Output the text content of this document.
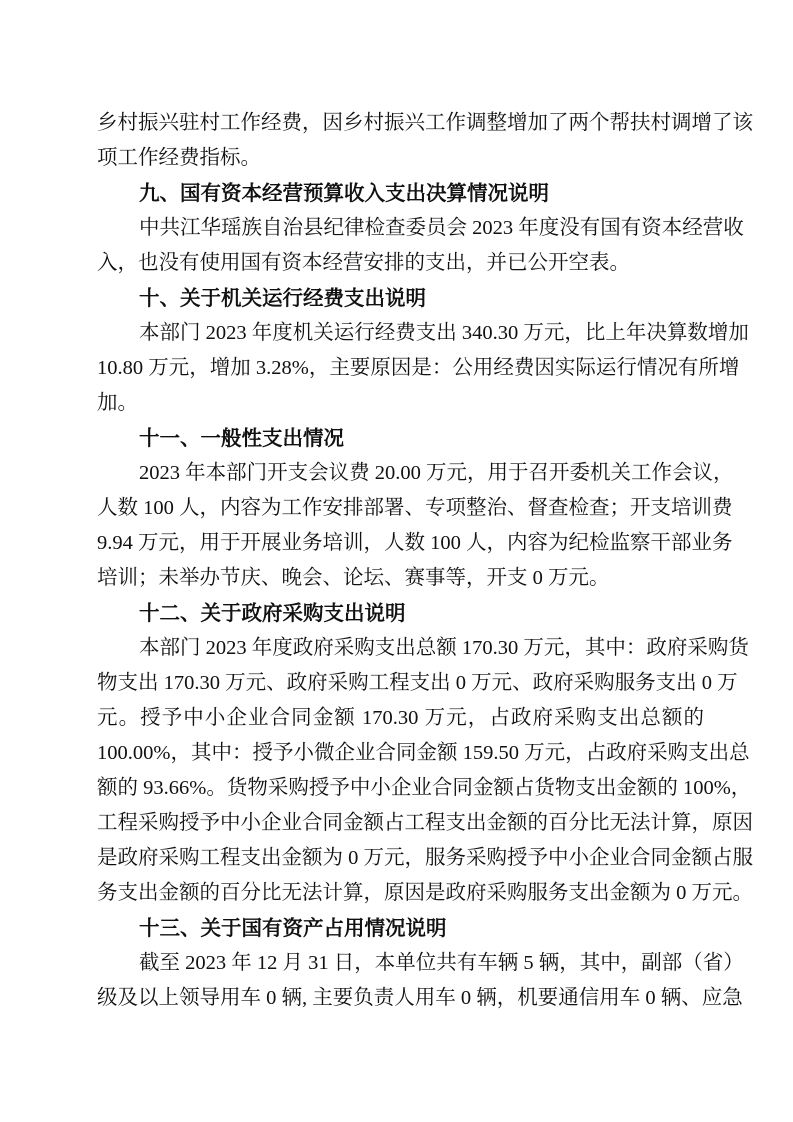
乡村振兴驻村工作经费，因乡村振兴工作调整增加了两个帮扶村调增了该
项工作经费指标。
九、国有资本经营预算收入支出决算情况说明
中共江华瑶族自治县纪律检查委员会 2023 年度没有国有资本经营收
入，也没有使用国有资本经营安排的支出，并已公开空表。
十、关于机关运行经费支出说明
本部门 2023 年度机关运行经费支出 340.30 万元，比上年决算数增加
10.80 万元，增加 3.28%，主要原因是：公用经费因实际运行情况有所增
加。
十一、一般性支出情况
2023 年本部门开支会议费 20.00 万元，用于召开委机关工作会议，
人数 100 人，内容为工作安排部署、专项整治、督查检查；开支培训费
9.94 万元，用于开展业务培训，人数 100 人，内容为纪检监察干部业务
培训；未举办节庆、晚会、论坛、赛事等，开支 0 万元。
十二、关于政府采购支出说明
本部门 2023 年度政府采购支出总额 170.30 万元，其中：政府采购货
物支出 170.30 万元、政府采购工程支出 0 万元、政府采购服务支出 0 万
元。授予中小企业合同金额 170.30 万元，占政府采购支出总额的
100.00%，其中：授予小微企业合同金额 159.50 万元，占政府采购支出总
额的 93.66%。货物采购授予中小企业合同金额占货物支出金额的 100%，
工程采购授予中小企业合同金额占工程支出金额的百分比无法计算，原因
是政府采购工程支出金额为 0 万元，服务采购授予中小企业合同金额占服
务支出金额的百分比无法计算，原因是政府采购服务支出金额为 0 万元。
十三、关于国有资产占用情况说明
截至 2023 年 12 月 31 日，本单位共有车辆 5 辆，其中，副部（省）
级及以上领导用车 0 辆, 主要负责人用车 0 辆，机要通信用车 0 辆、应急
